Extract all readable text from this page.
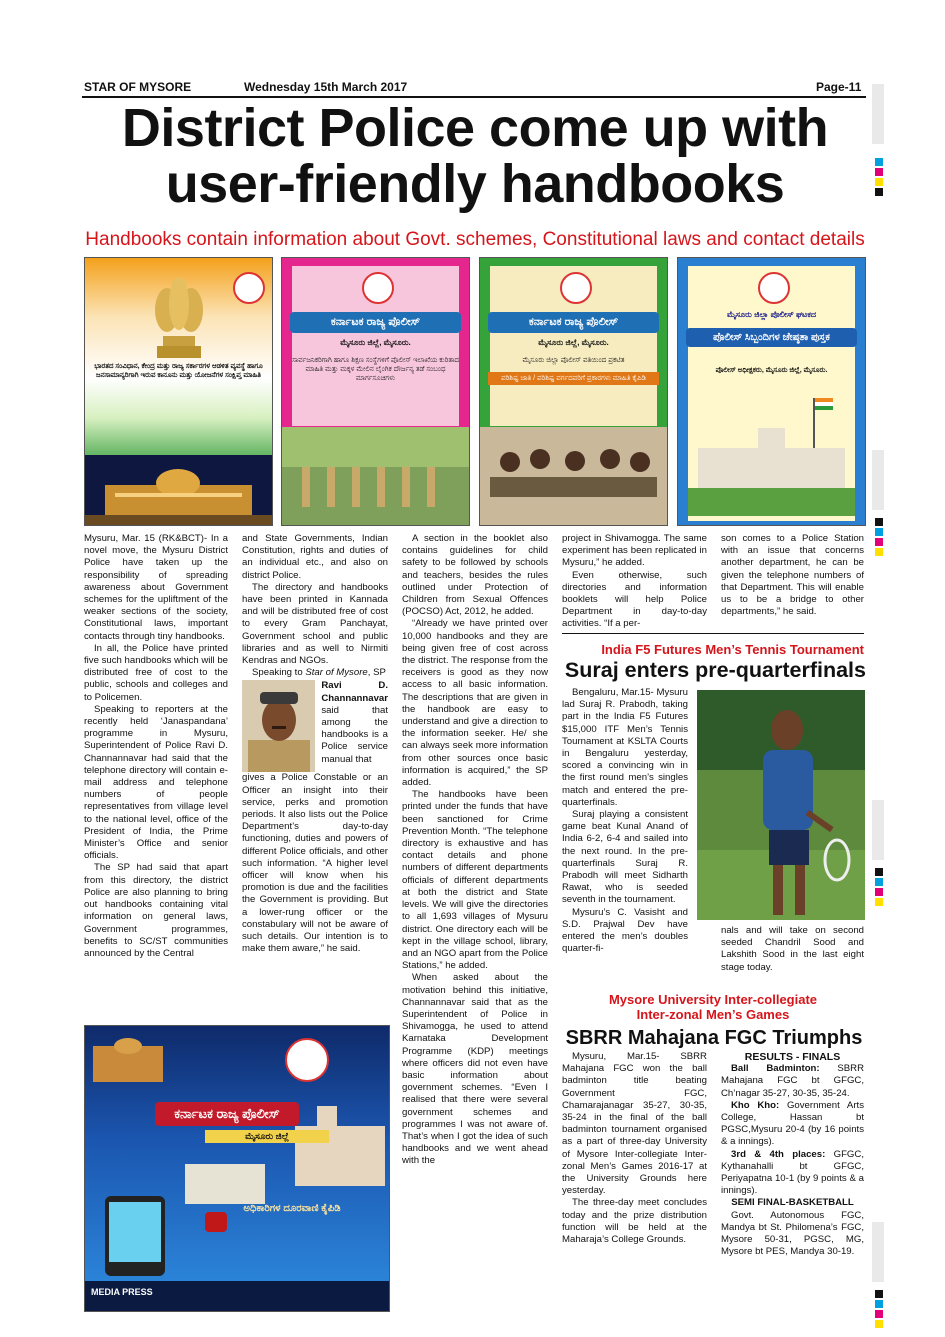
STAR OF MYSORE	Wednesday 15th March 2017	Page-11
District Police come up with
user-friendly handbooks
Handbooks contain information about Govt. schemes, Constitutional laws and contact details
ಭಾರತದ ಸಂವಿಧಾನ, ಕೇಂದ್ರ ಮತ್ತು ರಾಜ್ಯ ಸರ್ಕಾರಗಳ ಆಡಳಿತ ವ್ಯವಸ್ಥೆ ಹಾಗೂ ಜನಸಾಮಾನ್ಯರಿಗಾಗಿ ಇರುವ ಕಾನೂನು ಮತ್ತು ಯೋಜನೆಗಳ ಸಂಕ್ಷಿಪ್ತ ಮಾಹಿತಿ
ಕರ್ನಾಟಕ ರಾಜ್ಯ ಪೊಲೀಸ್
ಮೈಸೂರು ಜಿಲ್ಲೆ, ಮೈಸೂರು.
ಸಾರ್ವಜನಿಕರಿಗಾಗಿ ಹಾಗೂ ಶಿಕ್ಷಣ ಸಂಸ್ಥೆಗಳಿಗೆ ಪೊಲೀಸ್ ಇಲಾಖೆಯ ಕುರಿತಾದ ಮಾಹಿತಿ ಮತ್ತು ಮಕ್ಕಳ ಮೇಲಿನ ಲೈಂಗಿಕ ದೌರ್ಜನ್ಯ ತಡೆ ಸಂಬಂಧ ಮಾರ್ಗಸೂಚಿಗಳು
ಕರ್ನಾಟಕ ರಾಜ್ಯ ಪೊಲೀಸ್
ಮೈಸೂರು ಜಿಲ್ಲೆ, ಮೈಸೂರು.
ಮೈಸೂರು ಜಿಲ್ಲಾ ಪೊಲೀಸ್ ವತಿಯಿಂದ ಪ್ರಕಟಿತ
ಪರಿಶಿಷ್ಟ ಜಾತಿ / ಪರಿಶಿಷ್ಟ ವರ್ಗದವರಿಗೆ ಪ್ರಕಾರಗಳು ಮಾಹಿತಿ ಕೈಪಿಡಿ
ಮೈಸೂರು ಜಿಲ್ಲಾ ಪೊಲೀಸ್ ಘಟಕದ
ಪೊಲೀಸ್ ಸಿಬ್ಬಂದಿಗಳ ಜೇಷ್ಠತಾ ಪುಸ್ತಕ
ಪೊಲೀಸ್ ಅಧೀಕ್ಷಕರು, ಮೈಸೂರು ಜಿಲ್ಲೆ, ಮೈಸೂರು.

Mysuru, Mar. 15 (RK&BCT)- In a novel move, the Mysuru District Police have taken up the responsibility of spreading awareness about Government schemes for the upliftment of the weaker sections of the society, Constitutional laws, important contacts through tiny handbooks.

In all, the Police have printed five such handbooks which will be distributed free of cost to the public, schools and colleges and to Policemen.

Speaking to reporters at the recently held ‘Janaspandana’ programme in Mysuru, Superintendent of Police Ravi D. Channannavar had said that the telephone directory will contain e-mail address and telephone numbers of people representatives from village level to the national level, office of the President of India, the Prime Minister’s Office and senior officials.

The SP had said that apart from this directory, the district Police are also planning to bring out handbooks containing vital information on general laws, Government programmes, benefits to SC/ST communities announced by the Central

and State Governments, Indian Constitution, rights and duties of an individual etc., and also on district Police.

The directory and handbooks have been printed in Kannada and will be distributed free of cost to every Gram Panchayat, Government school and public libraries and as well to Nirmiti Kendras and NGOs.

Speaking to Star of Mysore, SP

Ravi D. Channannavar
said that among the handbooks is a Police service manual that

gives a Police Constable or an Officer an insight into their service, perks and promotion periods. It also lists out the Police Department’s day-to-day functioning, duties and powers of different Police officials, and other such information. “A higher level officer will know when his promotion is due and the facilities the Government is providing. But a lower-rung officer or the constabulary will not be aware of such details. Our intention is to make them aware,” he said.

A section in the booklet also contains guidelines for child safety to be followed by schools and teachers, besides the rules outlined under Protection of Children from Sexual Offences (POCSO) Act, 2012, he added.

“Already we have printed over 10,000 handbooks and they are being given free of cost across the district. The response from the receivers is good as they now access to all basic information. The descriptions that are given in the handbook are easy to understand and give a direction to the information seeker. He/ she can always seek more information from other sources once basic information is acquired,” the SP added.

The handbooks have been printed under the funds that have been sanctioned for Crime Prevention Month. “The telephone directory is exhaustive and has contact details and phone numbers of different departments officials of different departments at both the district and State levels. We will give the directories to all 1,693 villages of Mysuru district. One directory each will be kept in the village school, library, and an NGO apart from the Police Stations,” he added.

When asked about the motivation behind this initiative, Channannavar said that as the Superintendent of Police in Shivamogga, he used to attend Karnataka Development Programme (KDP) meetings where officers did not even have basic information about government schemes. “Even I realised that there were several government schemes and programmes I was not aware of. That’s when I got the idea of such handbooks and we went ahead with the

project in Shivamogga. The same experiment has been replicated in Mysuru,” he added.

Even otherwise, such directories and information booklets will help Police Department in day-to-day activities. “If a per-

son comes to a Police Station with an issue that concerns another department, he can be given the telephone numbers of that Department. This will enable us to be a bridge to other departments,” he said.

ಕರ್ನಾಟಕ ರಾಜ್ಯ ಪೊಲೀಸ್
ಮೈಸೂರು ಜಿಲ್ಲೆ
ಅಧಿಕಾರಿಗಳ ದೂರವಾಣಿ ಕೈಪಿಡಿ
MEDIA PRESS
India F5 Futures Men’s Tennis Tournament
Suraj enters pre-quarterfinals

Bengaluru, Mar.15- Mysuru lad Suraj R. Prabodh, taking part in the India F5 Futures $15,000 ITF Men’s Tennis Tournament at KSLTA Courts in Bengaluru yesterday, scored a convincing win in the first round men’s singles match and entered the pre-quarterfinals.

Suraj playing a consistent game beat Kunal Anand of India 6-2, 6-4 and sailed into the next round. In the pre-quarterfinals Suraj R. Prabodh will meet Sidharth Rawat, who is seeded seventh in the tournament.

Mysuru’s C. Vasisht and S.D. Prajwal Dev have entered the men’s doubles quarter-fi-

nals and will take on second seeded Chandril Sood and Lakshith Sood in the last eight stage today.

Mysore University Inter-collegiate
Inter-zonal Men’s Games
SBRR Mahajana FGC Triumphs

Mysuru, Mar.15- SBRR Mahajana FGC won the ball badminton title beating Government FGC, Chamarajanagar 35-27, 30-35, 35-24 in the final of the ball badminton tournament organised as a part of three-day University of Mysore Inter-collegiate Inter-zonal Men’s Games 2016-17 at the University Grounds here yesterday.

The three-day meet concludes today and the prize distribution function will be held at the Maharaja’s College Grounds.

RESULTS - FINALS

Ball Badminton: SBRR Mahajana FGC bt GFGC, Ch’nagar 35-27, 30-35, 35-24.

Kho Kho: Government Arts College, Hassan bt PGSC,Mysuru 20-4 (by 16 points & a innings).

3rd & 4th places: GFGC, Kythanahalli bt GFGC, Periyapatna 10-1 (by 9 points & a innings).

SEMI FINAL-BASKETBALL

Govt. Autonomous FGC, Mandya bt St. Philomena’s FGC, Mysore 50-31, PGSC, MG, Mysore bt PES, Mandya 30-19.
